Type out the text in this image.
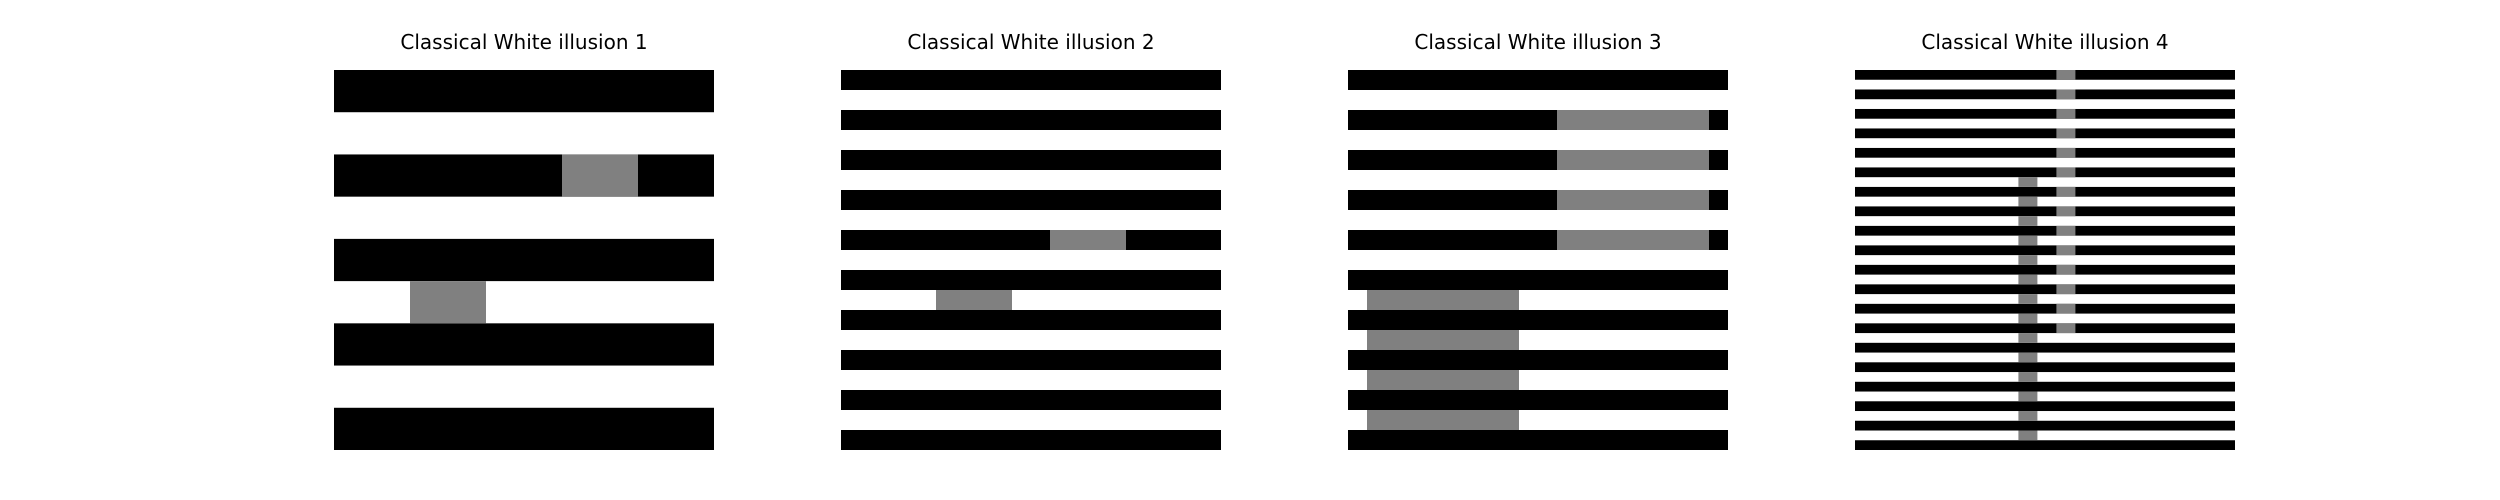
Classical White illusion 1	Classical White illusion 2	Classical White illusion 3	Classical White illusion 4
